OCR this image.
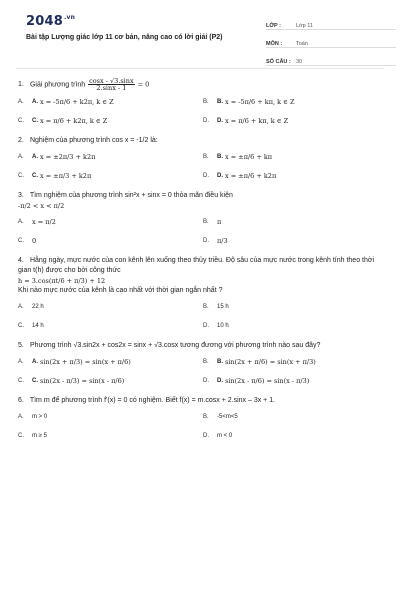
$2048^{.vn}$
Bài tập Lượng giác lớp 11 cơ bản, nâng cao có lời giải (P2)
LỚP :	Lớp 11
MÔN :	Toán
SỐ CÂU : 30
1. Giải phương trình $\frac{\cos x - √3.\sin x}{2.\sin x - 1} = 0$
A.	A. x = -5π/6 + k2π, k ∈ Z	B.	B. x = -5π/6 + kπ, k ∈ Z
C.	C. x = π/6 + k2π, k ∈ Z	D.	D. x = π/6 + kπ, k ∈ Z
2. Nghiệm của phương trình cos x = -1/2 là:
A.	A. x = ±2π/3 + k2π	B.	B. x = ±π/6 + kπ
C.	C. x = ±π/3 + k2π	D.	D. x = ±π/6 + k2π
3. Tìm nghiệm của phương trình sin²x + sinx = 0 thỏa mãn điều kiện
-π/2 < x < π/2
A.	x = π/2	B.	π
C.	0	D.	π/3
4. Hằng ngày, mực nước của con kênh lên xuống theo thủy triều. Độ sâu của mực nước trong kênh tính theo thời gian t(h) được cho bởi công thức
h = 3.cos(πt/6 + π/3) + 12
Khi nào mực nước của kênh là cao nhất với thời gian ngắn nhất ?
A.	22 h	B.	15 h
C.	14 h	D.	10 h
5. Phương trình √3.sin2x + cos2x = sinx + √3.cosx tương đương với phương trình nào sau đây?
A.	A. sin(2x + π/3) = sin(x + π/6)	B.	B. sin(2x + π/6) = sin(x + π/3)
C.	C. sin(2x - π/3) = sin(x - π/6)	D.	D. sin(2x - π/6) = sin(x - π/3)
6. Tìm m để phương trình f'(x) = 0 có nghiệm. Biết f(x) = m.cosx + 2.sinx – 3x + 1.
A.	m > 0	B.	-5<m<5
C.	m ≥ 5	D.	m < 0
